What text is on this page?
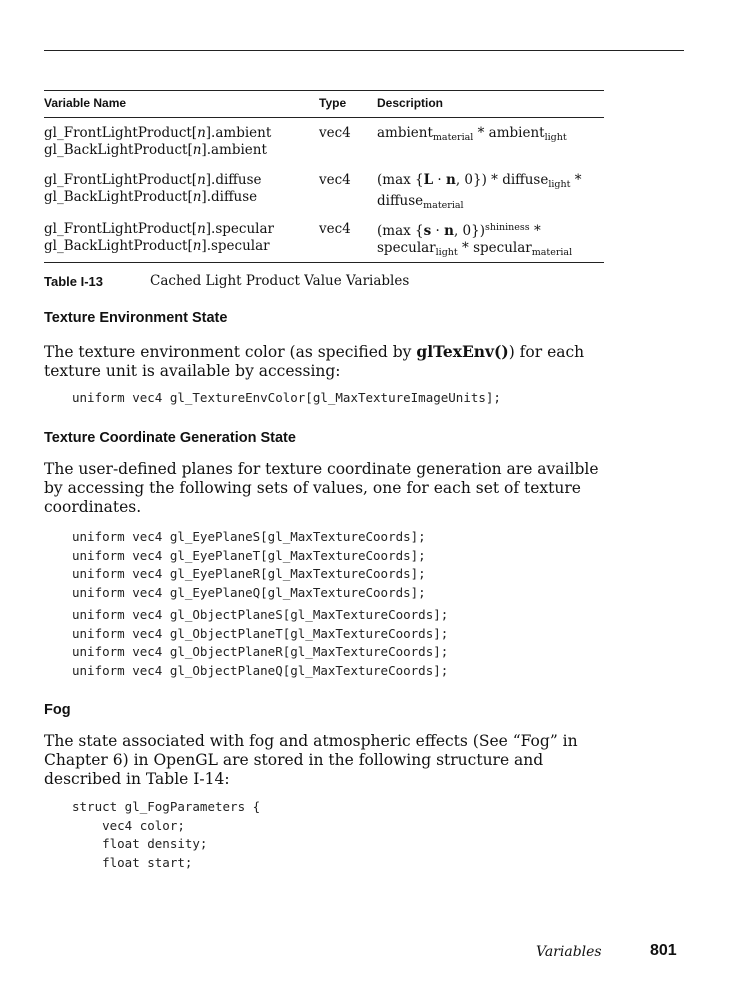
Variable Name	Type	Description
gl_FrontLightProduct[n].ambient
gl_BackLightProduct[n].ambient
vec4 ambient$_{material}$ * ambient$_{light}$
gl_FrontLightProduct[n].diffuse
gl_BackLightProduct[n].diffuse
vec4 (max {L · n, 0}) * diffuse$_{light}$ *
diffuse$_{material}$
gl_FrontLightProduct[n].specular
gl_BackLightProduct[n].specular
vec4 (max {s · n, 0})$^{shininess}$ *
specular$_{light}$ * specular$_{material}$
Table I-13	Cached Light Product Value Variables
Texture Environment State
The texture environment color (as specified by glTexEnv()) for each texture unit is available by accessing:
uniform vec4 gl_TextureEnvColor[gl_MaxTextureImageUnits];
Texture Coordinate Generation State
The user-defined planes for texture coordinate generation are availble by accessing the following sets of values, one for each set of texture coordinates.
uniform vec4 gl_EyePlaneS[gl_MaxTextureCoords];
uniform vec4 gl_EyePlaneT[gl_MaxTextureCoords];
uniform vec4 gl_EyePlaneR[gl_MaxTextureCoords];
uniform vec4 gl_EyePlaneQ[gl_MaxTextureCoords];
uniform vec4 gl_ObjectPlaneS[gl_MaxTextureCoords];
uniform vec4 gl_ObjectPlaneT[gl_MaxTextureCoords];
uniform vec4 gl_ObjectPlaneR[gl_MaxTextureCoords];
uniform vec4 gl_ObjectPlaneQ[gl_MaxTextureCoords];
Fog
The state associated with fog and atmospheric effects (See “Fog” in Chapter 6) in OpenGL are stored in the following structure and described in Table I-14:
struct gl_FogParameters {
vec4 color;
float density;
float start;
Variables	801
